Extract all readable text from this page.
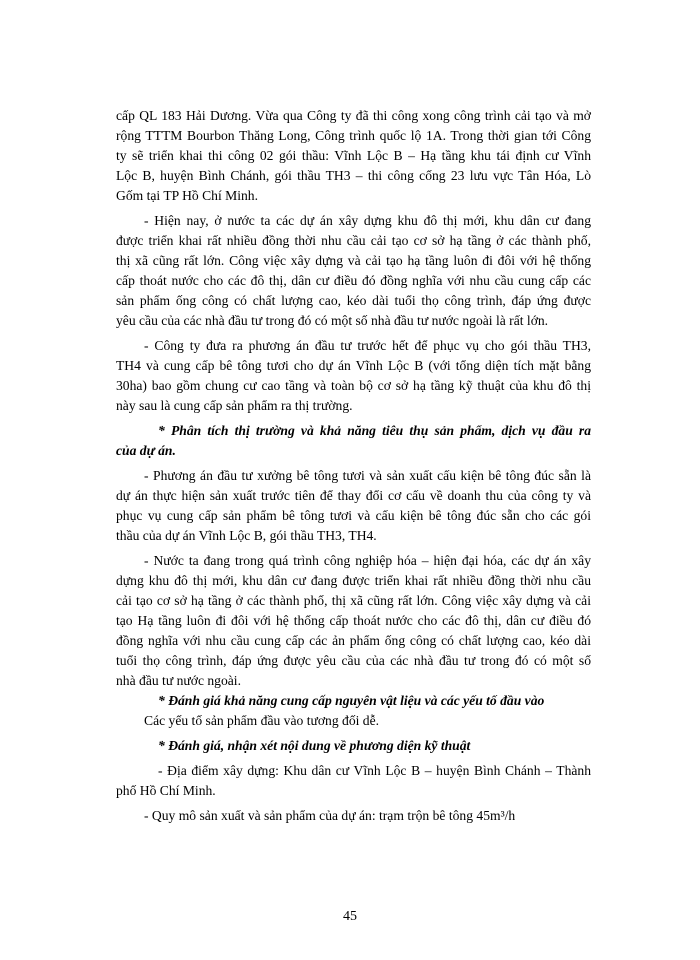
cấp QL 183 Hải Dương. Vừa qua Công ty đã thi công xong công trình cải tạo và mở
rộng TTTM Bourbon Thăng Long, Công trình quốc lộ 1A. Trong thời gian tới Công
ty sẽ triển khai thi công 02 gói thầu: Vĩnh Lộc B – Hạ tầng khu tái định cư Vĩnh
Lộc B, huyện Bình Chánh, gói thầu TH3 – thi công cống 23 lưu vực Tân Hóa, Lò
Gốm tại TP Hồ Chí Minh.
- Hiện nay, ở nước ta các dự án xây dựng khu đô thị mới, khu dân cư đang
được triển khai rất nhiều đồng thời nhu cầu cải tạo cơ sở hạ tầng ở các thành phố,
thị xã cũng rất lớn. Công việc xây dựng và cải tạo hạ tầng luôn đi đôi với hệ thống
cấp thoát nước cho các đô thị, dân cư điều đó đồng nghĩa với nhu cầu cung cấp các
sản phẩm ống công có chất lượng cao, kéo dài tuổi thọ công trình, đáp ứng được
yêu cầu của các nhà đầu tư trong đó có một số nhà đầu tư nước ngoài là rất lớn.
- Công ty đưa ra phương án đầu tư trước hết để phục vụ cho gói thầu TH3,
TH4 và cung cấp bê tông tươi cho dự án Vĩnh Lộc B (với tổng diện tích mặt bằng
30ha) bao gồm chung cư cao tầng và toàn bộ cơ sở hạ tầng kỹ thuật của khu đô thị
này sau là cung cấp sản phẩm ra thị trường.
* Phân tích thị trường và khả năng tiêu thụ sản phẩm, dịch vụ đầu ra
của dự án.
- Phương án đầu tư xưởng bê tông tươi và sản xuất cấu kiện bê tông đúc sẵn là
dự án thực hiện sản xuất trước tiên để thay đổi cơ cấu về doanh thu của công ty và
phục vụ cung cấp sản phẩm bê tông tươi và cấu kiện bê tông đúc sẵn cho các gói
thầu của dự án Vĩnh Lộc B, gói thầu TH3, TH4.
- Nước ta đang trong quá trình công nghiệp hóa – hiện đại hóa, các dự án xây
dựng khu đô thị mới, khu dân cư đang được triển khai rất nhiều đồng thời nhu cầu
cải tạo cơ sở hạ tầng ở các thành phố, thị xã cũng rất lớn. Công việc xây dựng và cải
tạo Hạ tầng luôn đi đôi với hệ thống cấp thoát nước cho các đô thị, dân cư điều đó
đồng nghĩa với nhu cầu cung cấp các ản phẩm ống công có chất lượng cao, kéo dài
tuổi thọ công trình, đáp ứng được yêu cầu của các nhà đầu tư trong đó có một số
nhà đầu tư nước ngoài.
* Đánh giá khả năng cung cấp nguyên vật liệu và các yếu tố đầu vào
Các yếu tố sản phẩm đầu vào tương đối dễ.
* Đánh giá, nhận xét nội dung về phương diện kỹ thuật
- Địa điểm xây dựng: Khu dân cư Vĩnh Lộc B – huyện Bình Chánh – Thành
phố Hồ Chí Minh.
- Quy mô sản xuất và sản phẩm của dự án: trạm trộn bê tông 45m³/h
45
